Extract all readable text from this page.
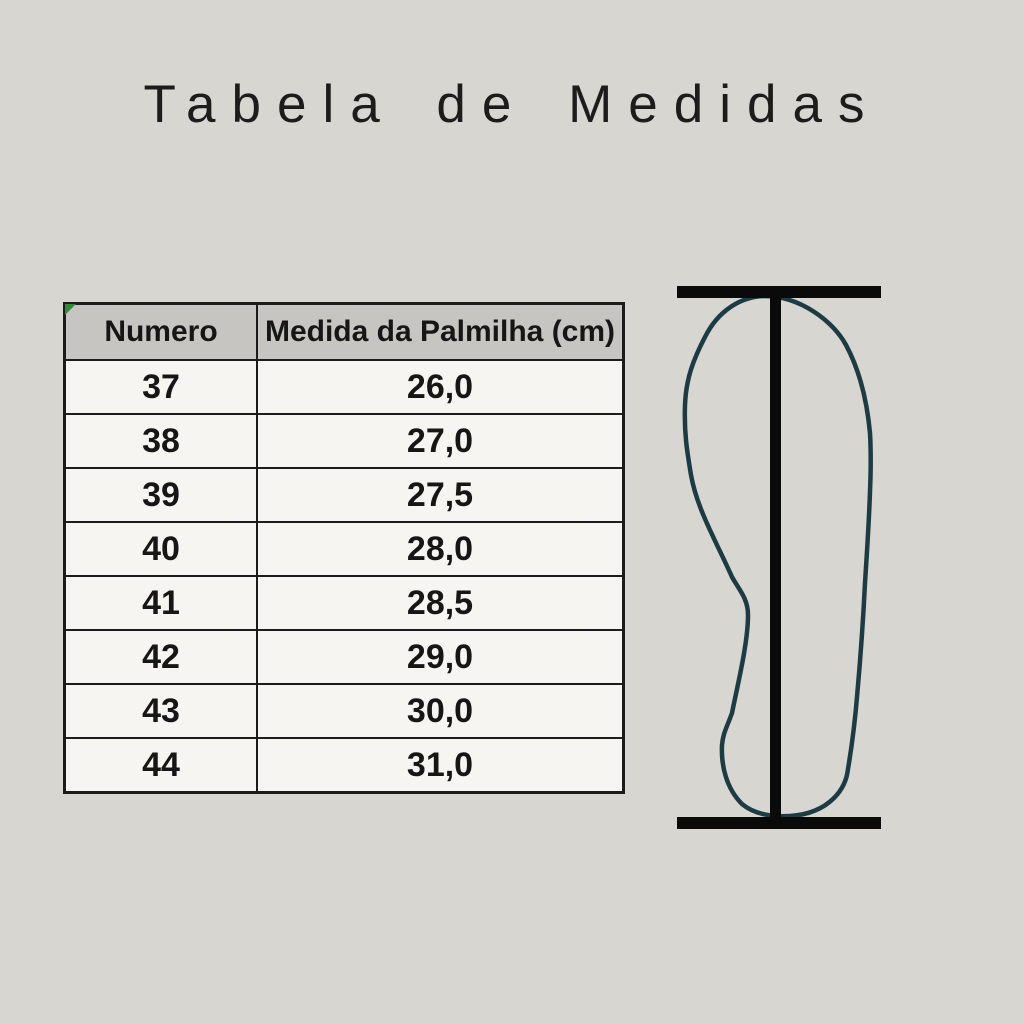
Tabela de Medidas
Numero	Medida da Palmilha (cm)
37	26,0
38	27,0
39	27,5
40	28,0
41	28,5
42	29,0
43	30,0
44	31,0
